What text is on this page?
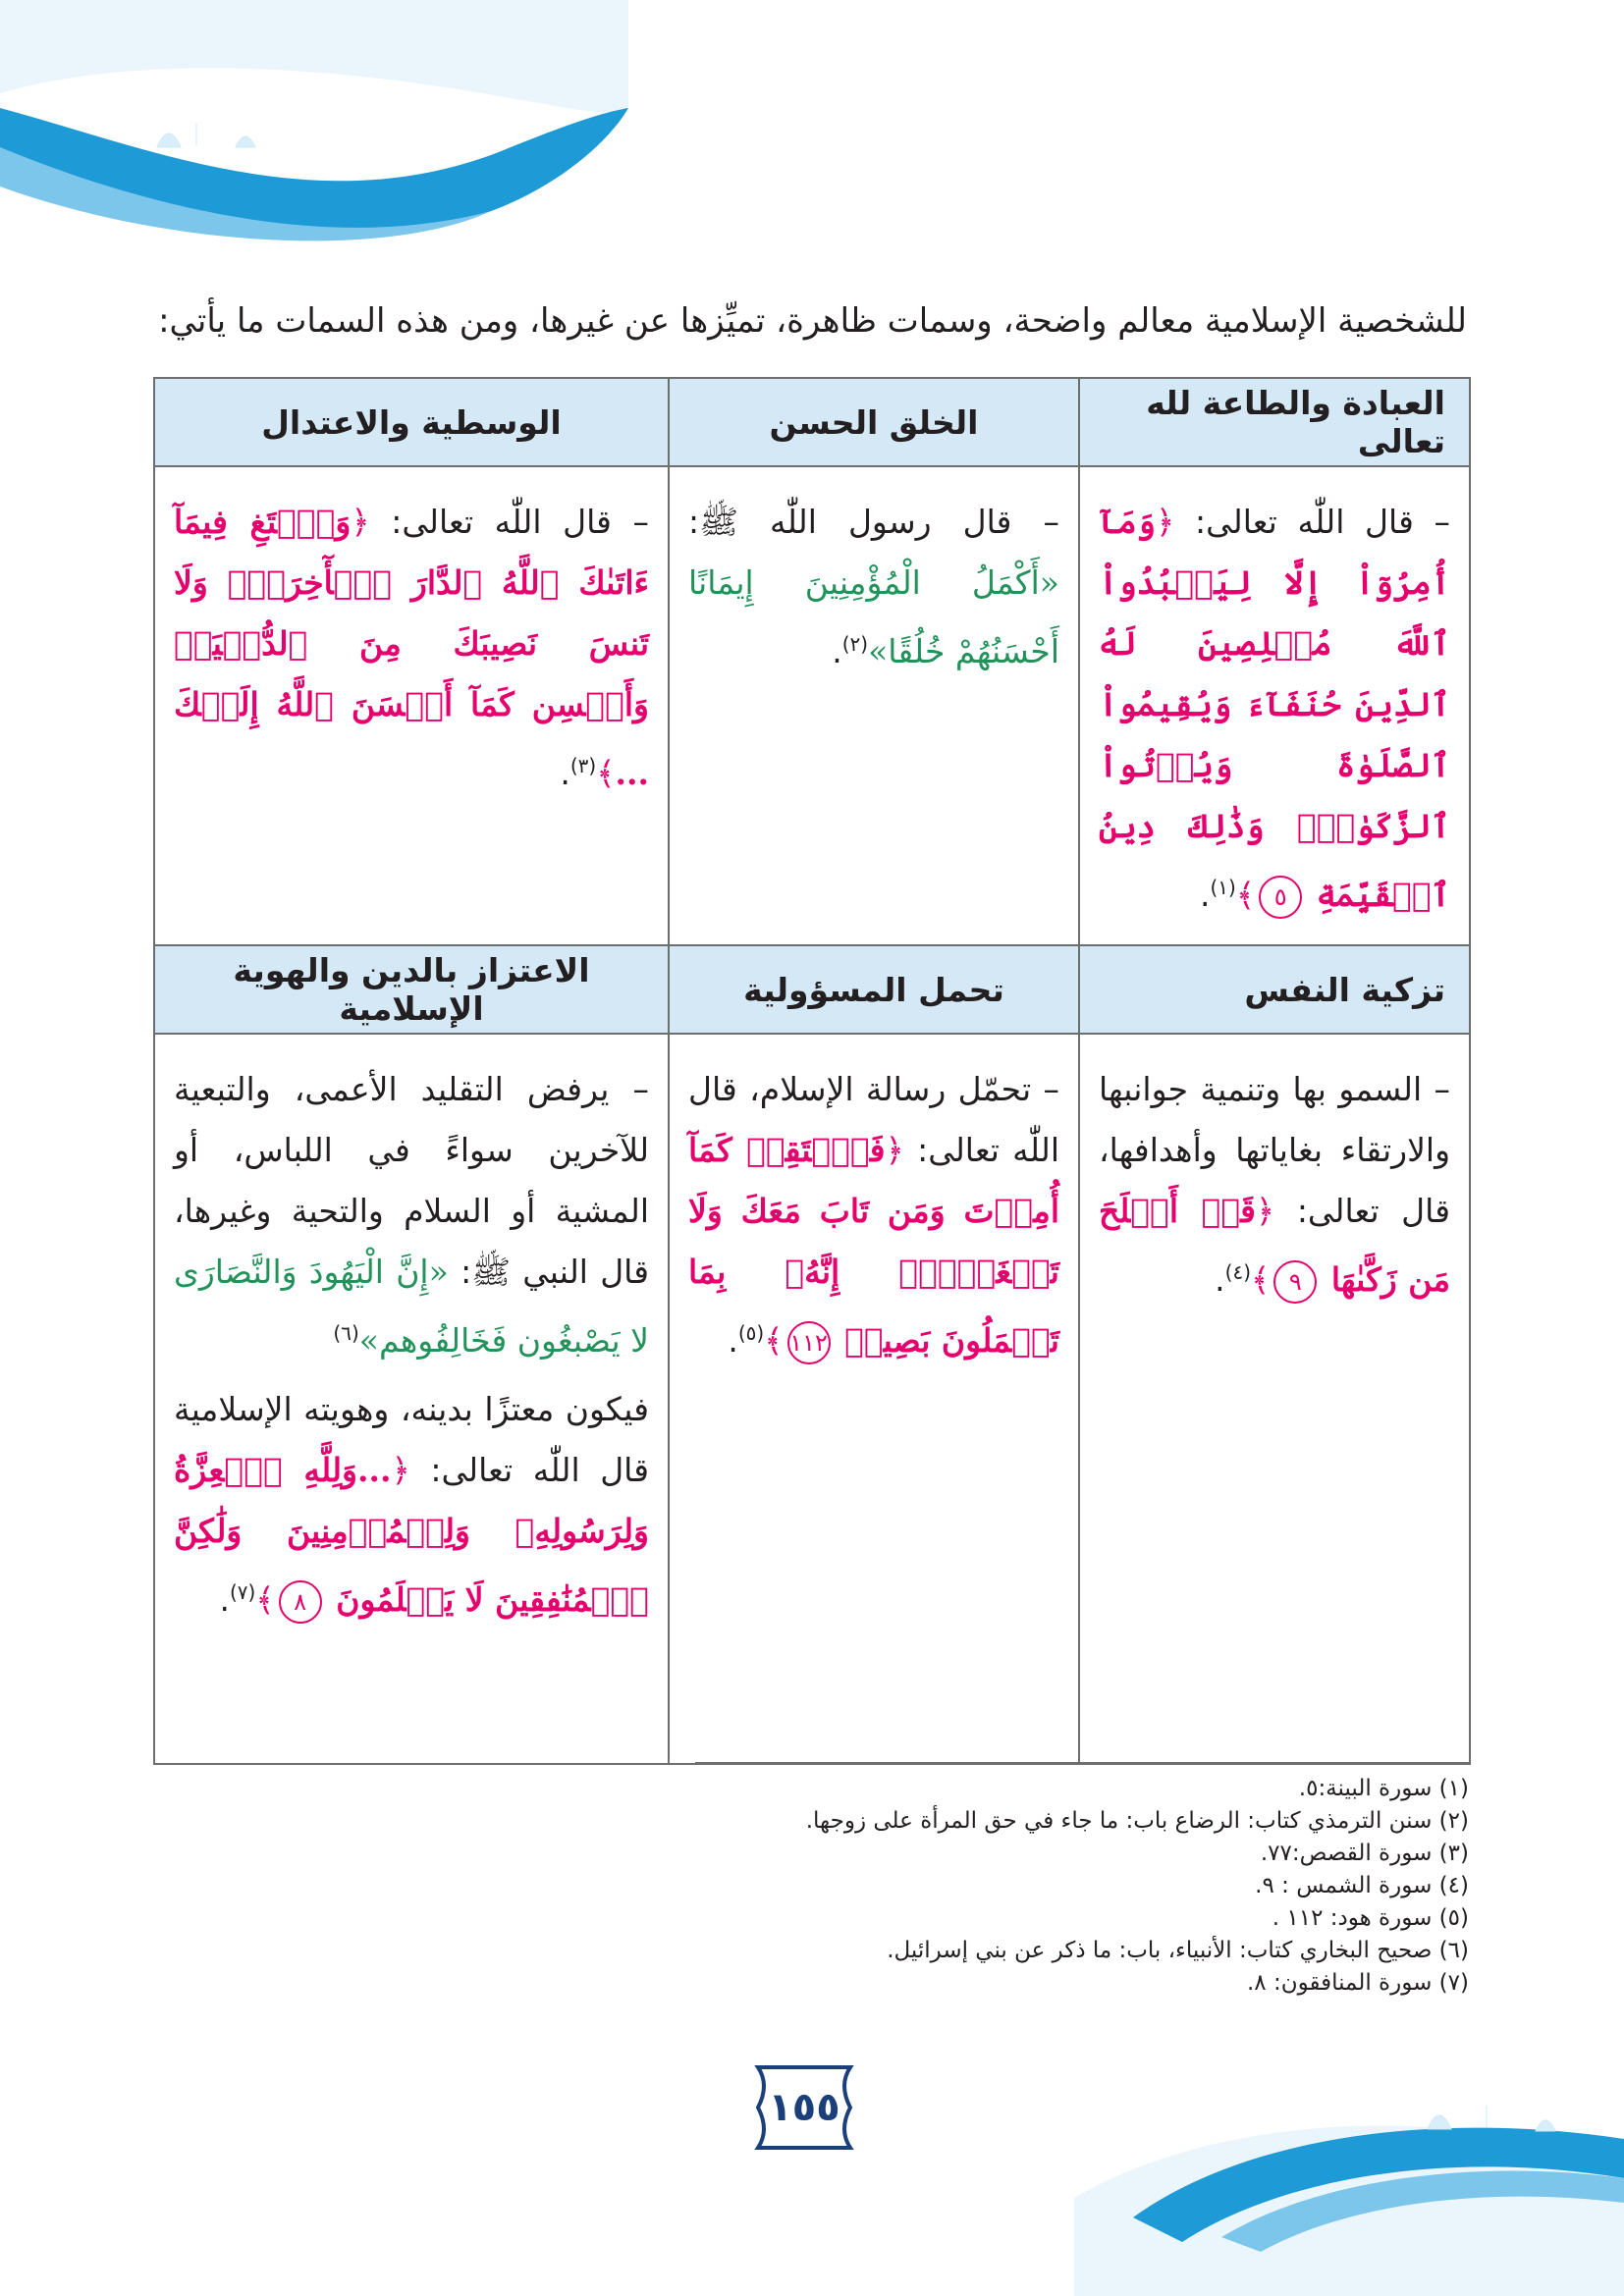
للشخصية الإسلامية معالم واضحة، وسمات ظاهرة، تميِّزها عن غيرها، ومن هذه السمات ما يأتي:
العبادة والطاعة لله تعالى	الخلق الحسن	الوسطية والاعتدال

– قال اللّٰه تعالى: ﴿وَمَآ أُمِرُوٓاْ إِلَّا لِيَعۡبُدُواْ ٱللَّهَ مُخۡلِصِينَ لَهُ ٱلدِّينَ حُنَفَآءَ وَيُقِيمُواْ ٱلصَّلَوٰةَ وَيُؤۡتُواْ ٱلزَّكَوٰةَۚ وَذَٰلِكَ دِينُ ٱلۡقَيِّمَةِ ٥﴾$^{(١)}$.	– قال رسول اللّٰه ﷺ: «أَكْمَلُ الْمُؤْمِنِينَ إِيمَانًا أَحْسَنُهُمْ خُلُقًا»$^{(٢)}$.	– قال اللّٰه تعالى: ﴿وَٱبۡتَغِ فِيمَآ ءَاتَىٰكَ ٱللَّهُ ٱلدَّارَ ٱلۡأٓخِرَةَۖ وَلَا تَنسَ نَصِيبَكَ مِنَ ٱلدُّنۡيَاۖ وَأَحۡسِن كَمَآ أَحۡسَنَ ٱللَّهُ إِلَيۡكَ ...﴾$^{(٣)}$.

تزكية النفس	تحمل المسؤولية	الاعتزاز بالدين والهوية الإسلامية

– السمو بها وتنمية جوانبها والارتقاء بغاياتها وأهدافها، قال تعالى: ﴿قَدۡ أَفۡلَحَ مَن زَكَّىٰهَا ٩﴾$^{(٤)}$.	– تحمّل رسالة الإسلام، قال اللّٰه تعالى: ﴿فَٱسۡتَقِمۡ كَمَآ أُمِرۡتَ وَمَن تَابَ مَعَكَ وَلَا تَطۡغَوۡاْۚ إِنَّهُۥ بِمَا تَعۡمَلُونَ بَصِيرٞ ١١٢﴾$^{(٥)}$.	– يرفض التقليد الأعمى، والتبعية للآخرين سواءً في اللباس، أو المشية أو السلام والتحية وغيرها، قال النبي ﷺ: «إِنَّ الْيَهُودَ وَالنَّصَارَى لا يَصْبغُون فَخَالِفُوهم»$^{(٦)}$

فيكون معتزًا بدينه، وهويته الإسلامية قال اللّٰه تعالى: ﴿...وَلِلَّهِ ٱلۡعِزَّةُ وَلِرَسُولِهِۦ وَلِلۡمُؤۡمِنِينَ وَلَٰكِنَّ ٱلۡمُنَٰفِقِينَ لَا يَعۡلَمُونَ ٨﴾$^{(٧)}$.

(١) سورة البينة:٥.
(٢) سنن الترمذي كتاب: الرضاع باب: ما جاء في حق المرأة على زوجها.
(٣) سورة القصص:٧٧.
(٤) سورة الشمس : ٩.
(٥) سورة هود: ١١٢ .
(٦) صحيح البخاري كتاب: الأنبياء، باب: ما ذكر عن بني إسرائيل.
(٧) سورة المنافقون: ٨.
١٥٥
